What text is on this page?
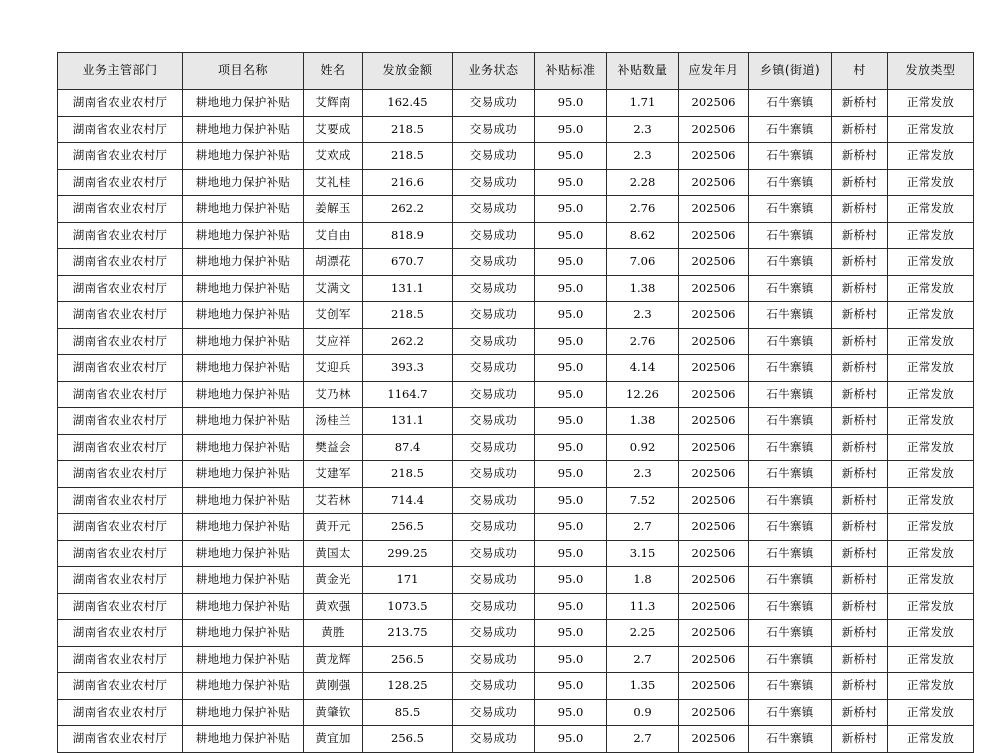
业务主管部门	项目名称	姓名	发放金额	业务状态	补贴标准	补贴数量	应发年月	乡镇(街道)	村	发放类型
湖南省农业农村厅	耕地地力保护补贴	艾辉南	162.45	交易成功	95.0	1.71	202506	石牛寨镇	新桥村	正常发放
湖南省农业农村厅	耕地地力保护补贴	艾要成	218.5	交易成功	95.0	2.3	202506	石牛寨镇	新桥村	正常发放
湖南省农业农村厅	耕地地力保护补贴	艾欢成	218.5	交易成功	95.0	2.3	202506	石牛寨镇	新桥村	正常发放
湖南省农业农村厅	耕地地力保护补贴	艾礼桂	216.6	交易成功	95.0	2.28	202506	石牛寨镇	新桥村	正常发放
湖南省农业农村厅	耕地地力保护补贴	姜解玉	262.2	交易成功	95.0	2.76	202506	石牛寨镇	新桥村	正常发放
湖南省农业农村厅	耕地地力保护补贴	艾自由	818.9	交易成功	95.0	8.62	202506	石牛寨镇	新桥村	正常发放
湖南省农业农村厅	耕地地力保护补贴	胡漂花	670.7	交易成功	95.0	7.06	202506	石牛寨镇	新桥村	正常发放
湖南省农业农村厅	耕地地力保护补贴	艾满文	131.1	交易成功	95.0	1.38	202506	石牛寨镇	新桥村	正常发放
湖南省农业农村厅	耕地地力保护补贴	艾创军	218.5	交易成功	95.0	2.3	202506	石牛寨镇	新桥村	正常发放
湖南省农业农村厅	耕地地力保护补贴	艾应祥	262.2	交易成功	95.0	2.76	202506	石牛寨镇	新桥村	正常发放
湖南省农业农村厅	耕地地力保护补贴	艾迎兵	393.3	交易成功	95.0	4.14	202506	石牛寨镇	新桥村	正常发放
湖南省农业农村厅	耕地地力保护补贴	艾乃林	1164.7	交易成功	95.0	12.26	202506	石牛寨镇	新桥村	正常发放
湖南省农业农村厅	耕地地力保护补贴	汤桂兰	131.1	交易成功	95.0	1.38	202506	石牛寨镇	新桥村	正常发放
湖南省农业农村厅	耕地地力保护补贴	樊益会	87.4	交易成功	95.0	0.92	202506	石牛寨镇	新桥村	正常发放
湖南省农业农村厅	耕地地力保护补贴	艾建军	218.5	交易成功	95.0	2.3	202506	石牛寨镇	新桥村	正常发放
湖南省农业农村厅	耕地地力保护补贴	艾若林	714.4	交易成功	95.0	7.52	202506	石牛寨镇	新桥村	正常发放
湖南省农业农村厅	耕地地力保护补贴	黄开元	256.5	交易成功	95.0	2.7	202506	石牛寨镇	新桥村	正常发放
湖南省农业农村厅	耕地地力保护补贴	黄国太	299.25	交易成功	95.0	3.15	202506	石牛寨镇	新桥村	正常发放
湖南省农业农村厅	耕地地力保护补贴	黄金光	171	交易成功	95.0	1.8	202506	石牛寨镇	新桥村	正常发放
湖南省农业农村厅	耕地地力保护补贴	黄欢强	1073.5	交易成功	95.0	11.3	202506	石牛寨镇	新桥村	正常发放
湖南省农业农村厅	耕地地力保护补贴	黄胜	213.75	交易成功	95.0	2.25	202506	石牛寨镇	新桥村	正常发放
湖南省农业农村厅	耕地地力保护补贴	黄龙辉	256.5	交易成功	95.0	2.7	202506	石牛寨镇	新桥村	正常发放
湖南省农业农村厅	耕地地力保护补贴	黄刚强	128.25	交易成功	95.0	1.35	202506	石牛寨镇	新桥村	正常发放
湖南省农业农村厅	耕地地力保护补贴	黄肇钦	85.5	交易成功	95.0	0.9	202506	石牛寨镇	新桥村	正常发放
湖南省农业农村厅	耕地地力保护补贴	黄宜加	256.5	交易成功	95.0	2.7	202506	石牛寨镇	新桥村	正常发放
